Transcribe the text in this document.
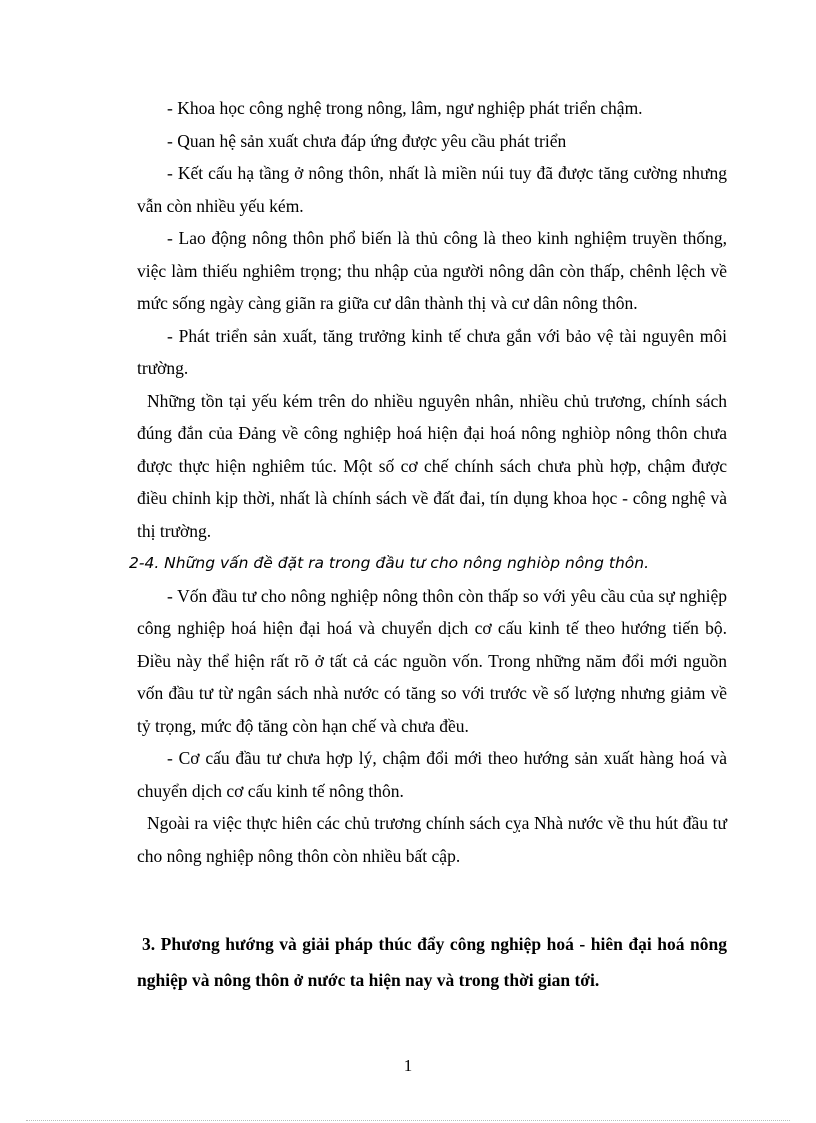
- Khoa học công nghệ trong nông, lâm, ngư nghiệp phát triển chậm.

- Quan hệ sản xuất chưa đáp ứng được yêu cầu phát triển

- Kết cấu hạ tầng ở nông thôn, nhất là miền núi tuy đã được tăng cường nhưng vẫn còn nhiều yếu kém.

- Lao động nông thôn phổ biến là thủ công là theo kinh nghiệm truyền thống, việc làm thiếu nghiêm trọng; thu nhập của người nông dân còn thấp, chênh lệch về mức sống ngày càng giãn ra giữa cư dân thành thị và cư dân nông thôn.

- Phát triển sản xuất, tăng trưởng kinh tế chưa gắn với bảo vệ tài nguyên môi trường.

Những tồn tại yếu kém trên do nhiều nguyên nhân, nhiều chủ trương, chính sách đúng đắn của Đảng về công nghiệp hoá hiện đại hoá nông nghiòp nông thôn chưa được thực hiện nghiêm túc. Một số cơ chế chính sách chưa phù hợp, chậm được điều chỉnh kịp thời, nhất là chính sách về đất đai, tín dụng khoa học - công nghệ và thị trường.

2-4. Những vấn đề đặt ra trong đầu tư cho nông nghiòp nông thôn.

- Vốn đầu tư cho nông nghiệp nông thôn còn thấp so với yêu cầu của sự nghiệp công nghiệp hoá hiện đại hoá và chuyển dịch cơ cấu kinh tế theo hướng tiến bộ. Điều này thể hiện rất rõ ở tất cả các nguồn vốn. Trong những năm đổi mới nguồn vốn đầu tư từ ngân sách nhà nước có tăng so với trước về số lượng nhưng giảm về tỷ trọng, mức độ tăng còn hạn chế và chưa đều.

- Cơ cấu đầu tư chưa hợp lý, chậm đổi mới theo hướng sản xuất hàng hoá và chuyển dịch cơ cấu kinh tế nông thôn.

Ngoài ra việc thực hiên các chủ trương chính sách cỵa Nhà nước về thu hút đầu tư cho nông nghiệp nông thôn còn nhiều bất cập.

3. Phương hướng và giải pháp thúc đẩy công nghiệp hoá - hiên đại hoá nông nghiệp và nông thôn ở nước ta hiện nay và trong thời gian tới.

1
